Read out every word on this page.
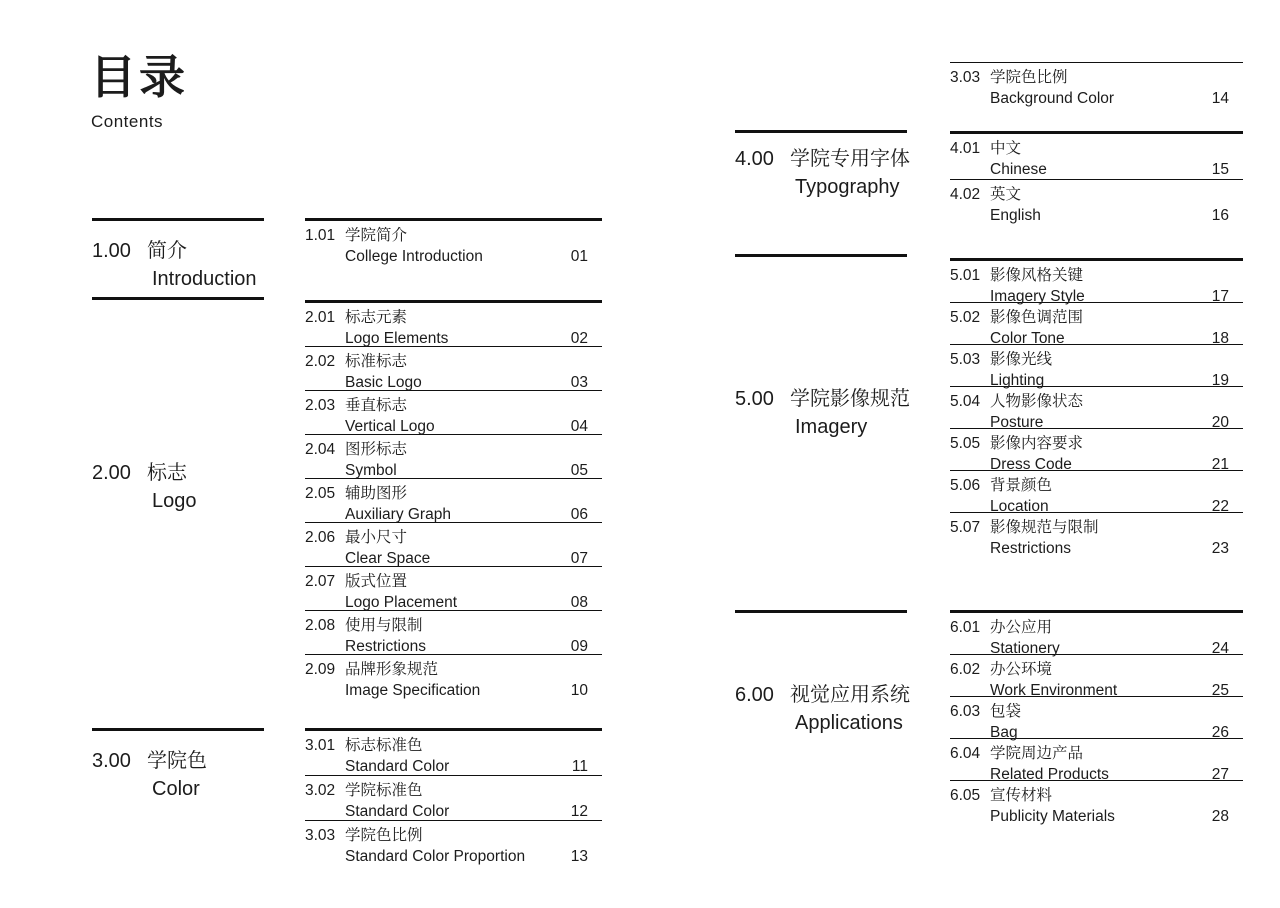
目录
Contents
1.00 简介
Introduction
2.00 标志
Logo
3.00 学院色
Color
4.00 学院专用字体
Typography
5.00 学院影像规范
Imagery
6.00 视觉应用系统
Applications
1.01 学院简介
College Introduction	01
2.01 标志元素
Logo Elements	02
2.02 标准标志
Basic Logo	03
2.03 垂直标志
Vertical Logo	04
2.04 图形标志
Symbol	05
2.05 辅助图形
Auxiliary Graph	06
2.06 最小尺寸
Clear Space	07
2.07 版式位置
Logo Placement	08
2.08 使用与限制
Restrictions	09
2.09 品牌形象规范
Image Specification	10
3.01 标志标准色
Standard Color	11
3.02 学院标准色
Standard Color	12
3.03 学院色比例
Standard Color Proportion	13
3.03 学院色比例
Background Color	14
4.01 中文
Chinese	15
4.02 英文
English	16
5.01 影像风格关键
Imagery Style	17
5.02 影像色调范围
Color Tone	18
5.03 影像光线
Lighting	19
5.04 人物影像状态
Posture	20
5.05 影像内容要求
Dress Code	21
5.06 背景颜色
Location	22
5.07 影像规范与限制
Restrictions	23
6.01 办公应用
Stationery	24
6.02 办公环境
Work Environment	25
6.03 包袋
Bag	26
6.04 学院周边产品
Related Products	27
6.05 宣传材料
Publicity Materials	28
